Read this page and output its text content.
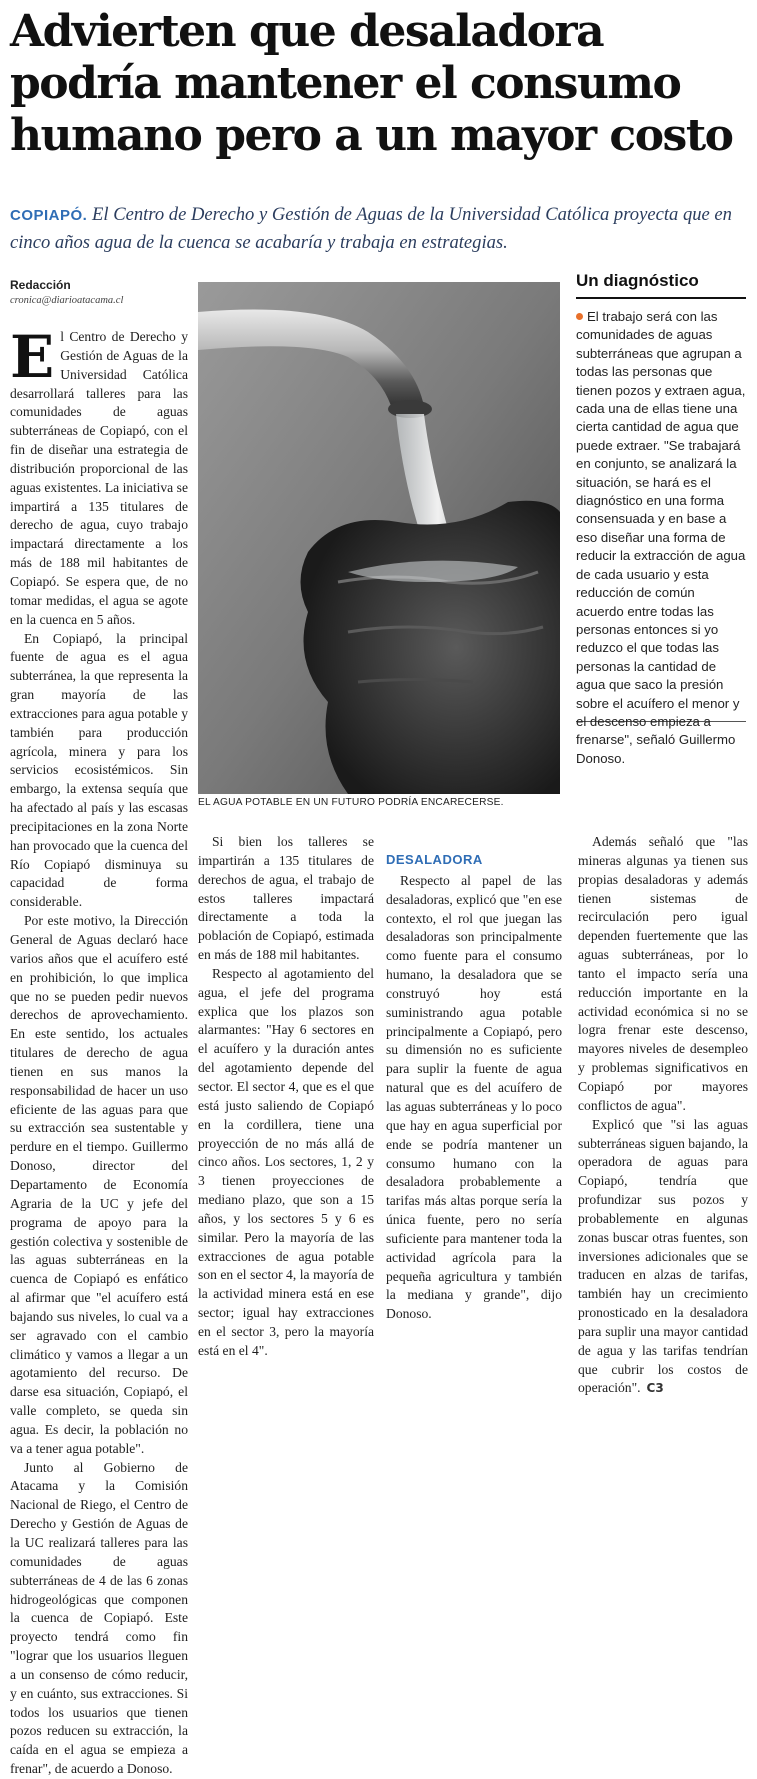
Advierten que desaladora
podría mantener el consumo
humano pero a un mayor costo
COPIAPÓ. El Centro de Derecho y Gestión de Aguas de la Universidad Católica proyecta que en cinco años agua de la cuenca se acabaría y trabaja en estrategias.
Redacción
cronica@diarioatacama.cl

El Centro de Derecho y Gestión de Aguas de la Universidad Católica desarrollará talleres para las comunidades de aguas subterráneas de Copiapó, con el fin de diseñar una estrategia de distribución proporcional de las aguas existentes. La iniciativa se impartirá a 135 titulares de derecho de agua, cuyo trabajo impactará directamente a los más de 188 mil habitantes de Copiapó. Se espera que, de no tomar medidas, el agua se agote en la cuenca en 5 años.

En Copiapó, la principal fuente de agua es el agua subterránea, la que representa la gran mayoría de las extracciones para agua potable y también para producción agrícola, minera y para los servicios ecosistémicos. Sin embargo, la extensa sequía que ha afectado al país y las escasas precipitaciones en la zona Norte han provocado que la cuenca del Río Copiapó disminuya su capacidad de forma considerable.

Por este motivo, la Dirección General de Aguas declaró hace varios años que el acuífero esté en prohibición, lo que implica que no se pueden pedir nuevos derechos de aprovechamiento. En este sentido, los actuales titulares de derecho de agua tienen en sus manos la responsabilidad de hacer un uso eficiente de las aguas para que su extracción sea sustentable y perdure en el tiempo. Guillermo Donoso, director del Departamento de Economía Agraria de la UC y jefe del programa de apoyo para la gestión colectiva y sostenible de las aguas subterráneas en la cuenca de Copiapó es enfático al afirmar que "el acuífero está bajando sus niveles, lo cual va a ser agravado con el cambio climático y vamos a llegar a un agotamiento del recurso. De darse esa situación, Copiapó, el valle completo, se queda sin agua. Es decir, la población no va a tener agua potable".

Junto al Gobierno de Atacama y la Comisión Nacional de Riego, el Centro de Derecho y Gestión de Aguas de la UC realizará talleres para las comunidades de aguas subterráneas de 4 de las 6 zonas hidrogeológicas que componen la cuenca de Copiapó. Este proyecto tendrá como fin "lograr que los usuarios lleguen a un consenso de cómo reducir, y en cuánto, sus extracciones. Si todos los usuarios que tienen pozos reducen su extracción, la caída en el agua se empieza a frenar", de acuerdo a Donoso.

EL AGUA POTABLE EN UN FUTURO PODRÍA ENCARECERSE.
Un diagnóstico
El trabajo será con las comunidades de aguas subterráneas que agrupan a todas las personas que tienen pozos y extraen agua, cada una de ellas tiene una cierta cantidad de agua que puede extraer. "Se trabajará en conjunto, se analizará la situación, se hará es el diagnóstico en una forma consensuada y en base a eso diseñar una forma de reducir la extracción de agua de cada usuario y esta reducción de común acuerdo entre todas las personas entonces si yo reduzco el que todas las personas la cantidad de agua que saco la presión sobre el acuífero el menor y el descenso empieza a frenarse", señaló Guillermo Donoso.

Si bien los talleres se impartirán a 135 titulares de derechos de agua, el trabajo de estos talleres impactará directamente a toda la población de Copiapó, estimada en más de 188 mil habitantes.

Respecto al agotamiento del agua, el jefe del programa explica que los plazos son alarmantes: "Hay 6 sectores en el acuífero y la duración antes del agotamiento depende del sector. El sector 4, que es el que está justo saliendo de Copiapó en la cordillera, tiene una proyección de no más allá de cinco años. Los sectores, 1, 2 y 3 tienen proyecciones de mediano plazo, que son a 15 años, y los sectores 5 y 6 es similar. Pero la mayoría de las extracciones de agua potable son en el sector 4, la mayoría de la actividad minera está en ese sector; igual hay extracciones en el sector 3, pero la mayoría está en el 4".

DESALADORA

Respecto al papel de las desaladoras, explicó que "en ese contexto, el rol que juegan las desaladoras son principalmente como fuente para el consumo humano, la desaladora que se construyó hoy está suministrando agua potable principalmente a Copiapó, pero su dimensión no es suficiente para suplir la fuente de agua natural que es del acuífero de las aguas subterráneas y lo poco que hay en agua superficial por ende se podría mantener un consumo humano con la desaladora probablemente a tarifas más altas porque sería la única fuente, pero no sería suficiente para mantener toda la actividad agrícola para la pequeña agricultura y también la mediana y grande", dijo Donoso.

Además señaló que "las mineras algunas ya tienen sus propias desaladoras y además tienen sistemas de recirculación pero igual dependen fuertemente que las aguas subterráneas, por lo tanto el impacto sería una reducción importante en la actividad económica si no se logra frenar este descenso, mayores niveles de desempleo y problemas significativos en Copiapó por mayores conflictos de agua".

Explicó que "si las aguas subterráneas siguen bajando, la operadora de aguas para Copiapó, tendría que profundizar sus pozos y probablemente en algunas zonas buscar otras fuentes, son inversiones adicionales que se traducen en alzas de tarifas, también hay un crecimiento pronosticado en la desaladora para suplir una mayor cantidad de agua y las tarifas tendrían que cubrir los costos de operación". C3
